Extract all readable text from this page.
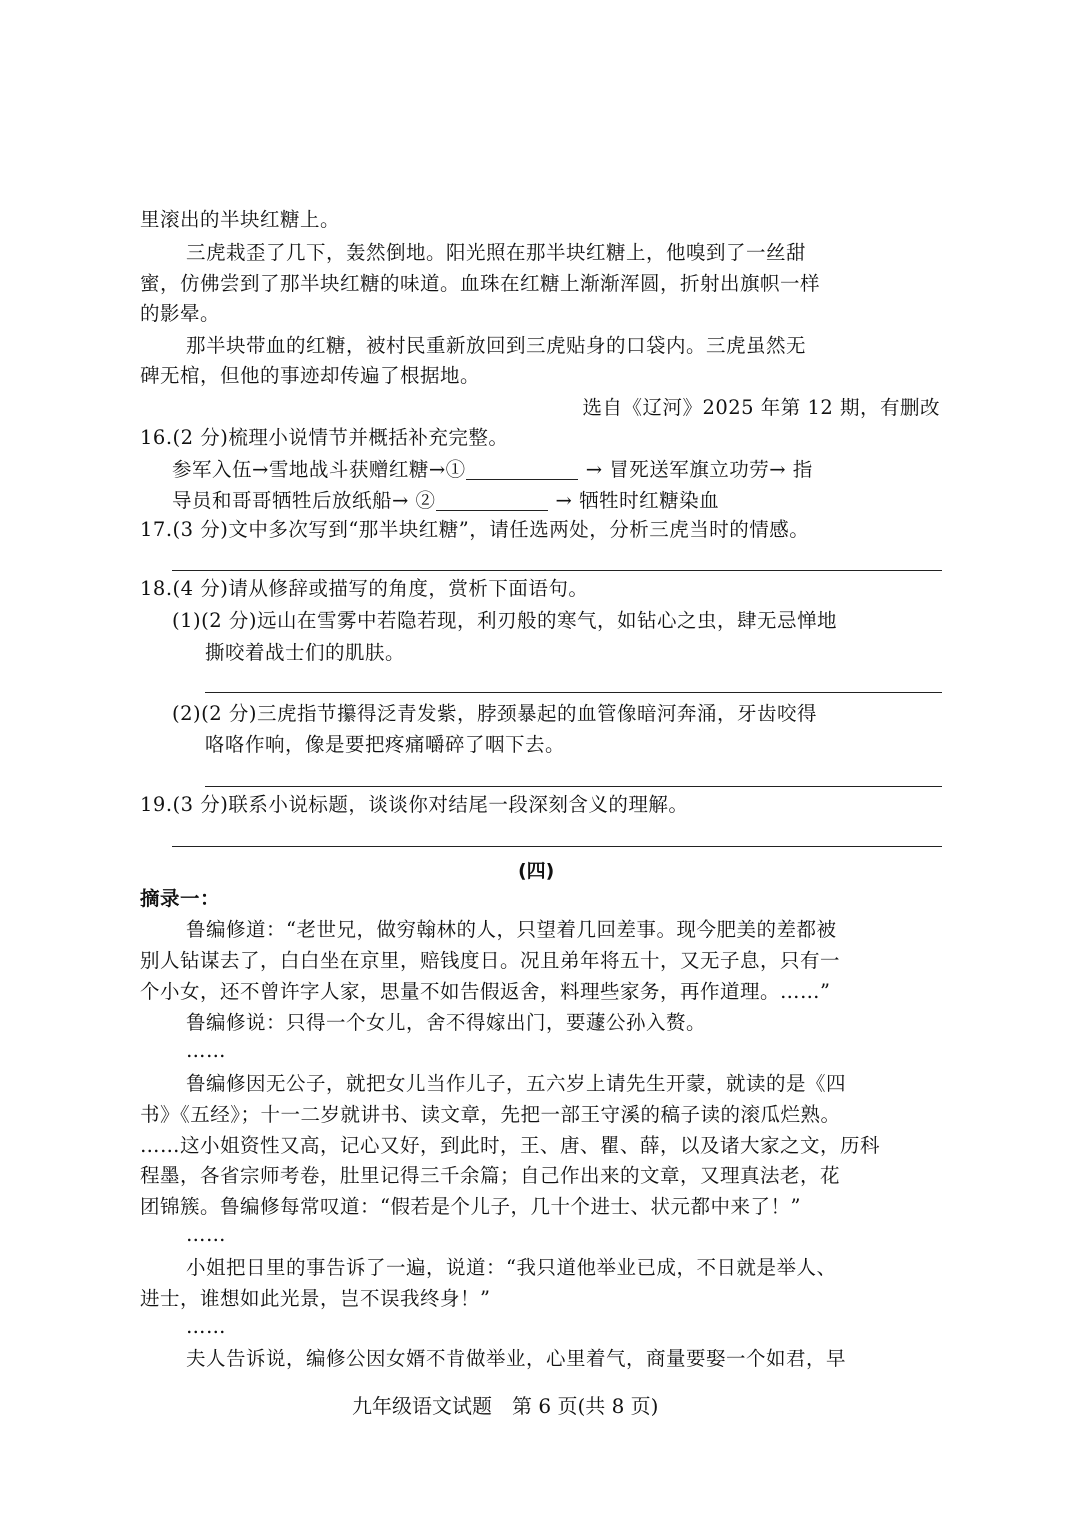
里滚出的半块红糖上。
三虎栽歪了几下，轰然倒地。阳光照在那半块红糖上，他嗅到了一丝甜
蜜，仿佛尝到了那半块红糖的味道。血珠在红糖上渐渐浑圆，折射出旗帜一样
的影晕。
那半块带血的红糖，被村民重新放回到三虎贴身的口袋内。三虎虽然无
碑无棺，但他的事迹却传遍了根据地。
选自《辽河》2025 年第 12 期，有删改
16.(2 分)梳理小说情节并概括补充完整。
参军入伍→雪地战斗获赠红糖→①	→ 冒死送军旗立功劳→ 指
导员和哥哥牺牲后放纸船→ ②	→ 牺牲时红糖染血
17.(3 分)文中多次写到“那半块红糖”，请任选两处，分析三虎当时的情感。
18.(4 分)请从修辞或描写的角度，赏析下面语句。
(1)(2 分)远山在雪雾中若隐若现，利刃般的寒气，如钻心之虫，肆无忌惮地
撕咬着战士们的肌肤。
(2)(2 分)三虎指节攥得泛青发紫，脖颈暴起的血管像暗河奔涌，牙齿咬得
咯咯作响，像是要把疼痛嚼碎了咽下去。
19.(3 分)联系小说标题，谈谈你对结尾一段深刻含义的理解。
(四)
摘录一：
鲁编修道：“老世兄，做穷翰林的人，只望着几回差事。现今肥美的差都被
别人钻谋去了，白白坐在京里，赔钱度日。况且弟年将五十，又无子息，只有一
个小女，还不曾许字人家，思量不如告假返舍，料理些家务，再作道理。……”
鲁编修说：只得一个女儿，舍不得嫁出门，要蘧公孙入赘。
……
鲁编修因无公子，就把女儿当作儿子，五六岁上请先生开蒙，就读的是《四
书》《五经》；十一二岁就讲书、读文章，先把一部王守溪的稿子读的滚瓜烂熟。
……这小姐资性又高，记心又好，到此时，王、唐、瞿、薛，以及诸大家之文，历科
程墨，各省宗师考卷，肚里记得三千余篇；自己作出来的文章，又理真法老，花
团锦簇。鲁编修每常叹道：“假若是个儿子，几十个进士、状元都中来了！”
……
小姐把日里的事告诉了一遍，说道：“我只道他举业已成，不日就是举人、
进士，谁想如此光景，岂不误我终身！”
……
夫人告诉说，编修公因女婿不肯做举业，心里着气，商量要娶一个如君，早
九年级语文试题　第 6 页(共 8 页)
